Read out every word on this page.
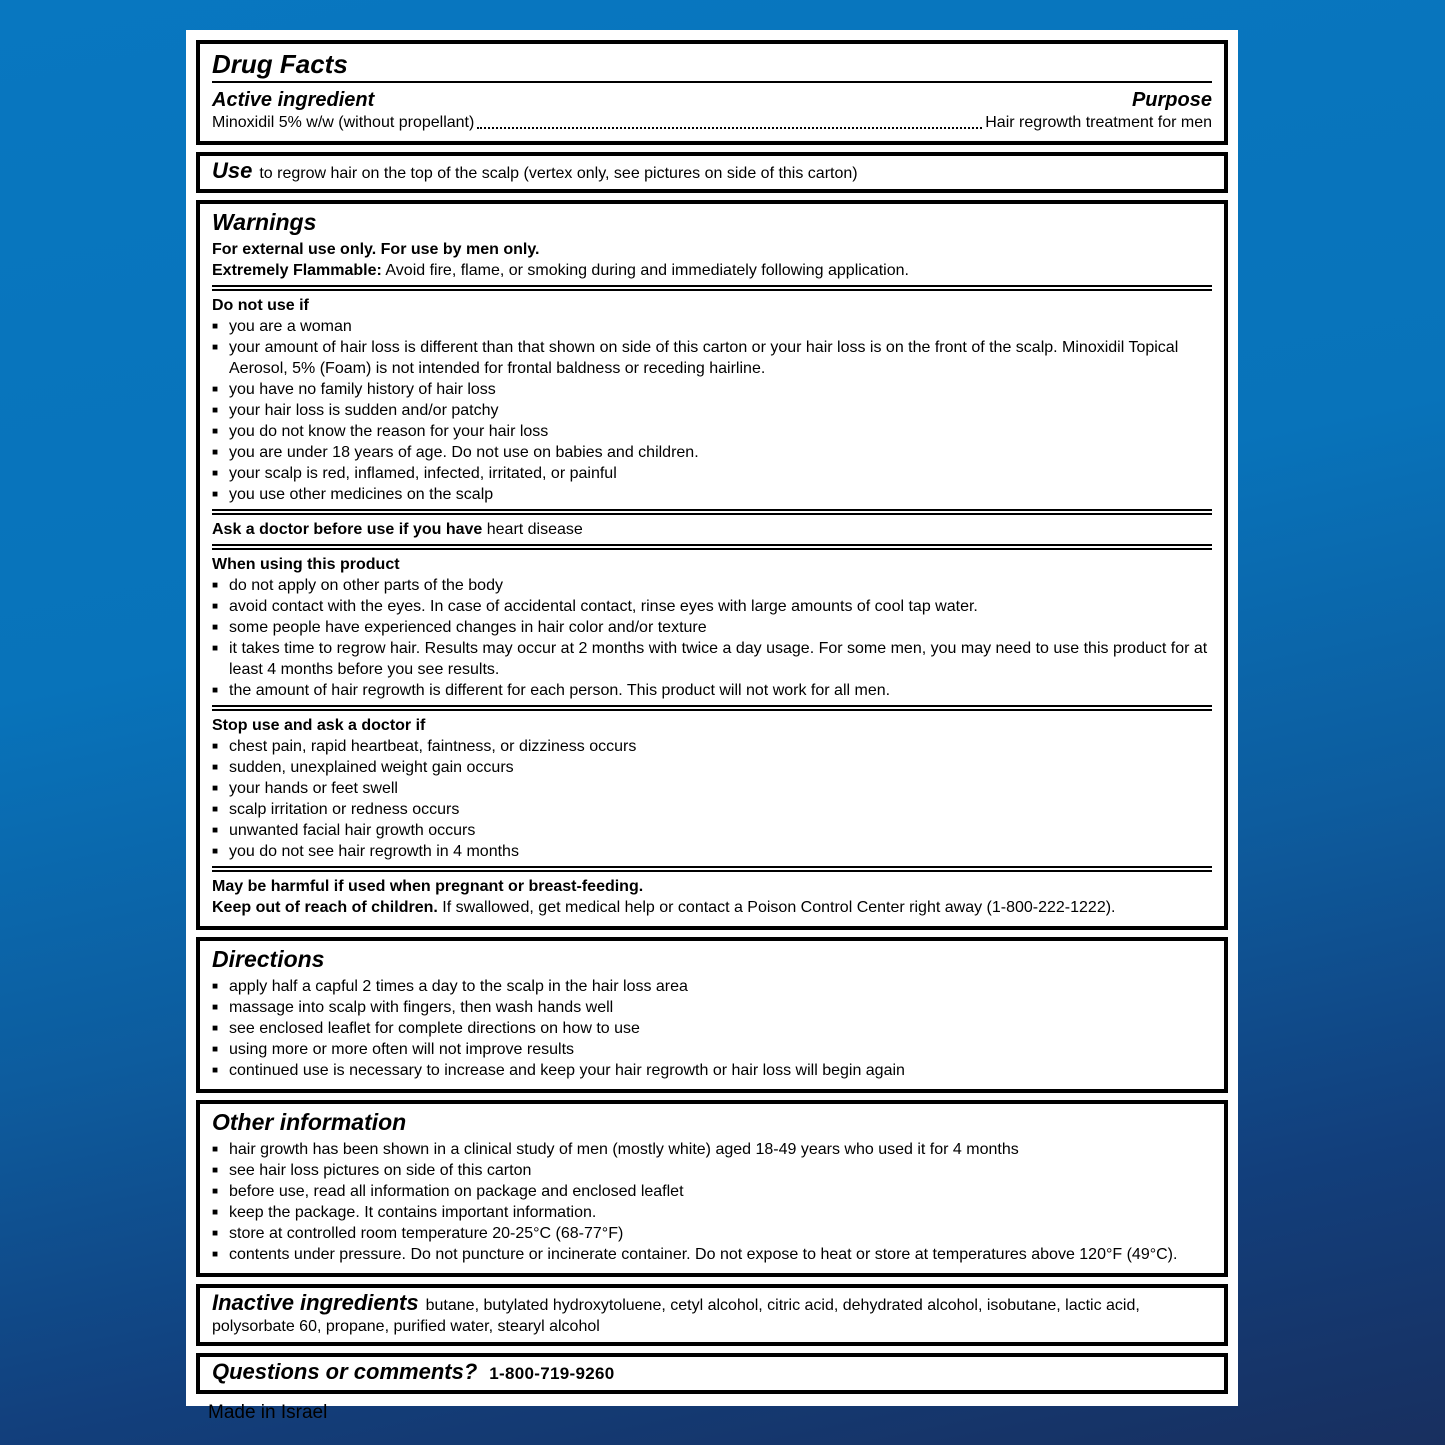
Drug Facts

Active ingredient	Purpose

Minoxidil 5% w/w (without propellant)	Hair regrowth treatment for men

Use to regrow hair on the top of the scalp (vertex only, see pictures on side of this carton)

Warnings

For external use only. For use by men only.

Extremely Flammable: Avoid fire, flame, or smoking during and immediately following application.

Do not use if

■ you are a woman
■ your amount of hair loss is different than that shown on side of this carton or your hair loss is on the front of the scalp. Minoxidil Topical Aerosol, 5% (Foam) is not intended for frontal baldness or receding hairline.
■ you have no family history of hair loss
■ your hair loss is sudden and/or patchy
■ you do not know the reason for your hair loss
■ you are under 18 years of age. Do not use on babies and children.
■ your scalp is red, inflamed, infected, irritated, or painful
■ you use other medicines on the scalp

Ask a doctor before use if you have heart disease

When using this product

■ do not apply on other parts of the body
■ avoid contact with the eyes. In case of accidental contact, rinse eyes with large amounts of cool tap water.
■ some people have experienced changes in hair color and/or texture
■ it takes time to regrow hair. Results may occur at 2 months with twice a day usage. For some men, you may need to use this product for at least 4 months before you see results.
■ the amount of hair regrowth is different for each person. This product will not work for all men.

Stop use and ask a doctor if

■ chest pain, rapid heartbeat, faintness, or dizziness occurs
■ sudden, unexplained weight gain occurs
■ your hands or feet swell
■ scalp irritation or redness occurs
■ unwanted facial hair growth occurs
■ you do not see hair regrowth in 4 months

May be harmful if used when pregnant or breast-feeding.

Keep out of reach of children. If swallowed, get medical help or contact a Poison Control Center right away (1-800-222-1222).

Directions
■ apply half a capful 2 times a day to the scalp in the hair loss area
■ massage into scalp with fingers, then wash hands well
■ see enclosed leaflet for complete directions on how to use
■ using more or more often will not improve results
■ continued use is necessary to increase and keep your hair regrowth or hair loss will begin again
Other information
■ hair growth has been shown in a clinical study of men (mostly white) aged 18-49 years who used it for 4 months
■ see hair loss pictures on side of this carton
■ before use, read all information on package and enclosed leaflet
■ keep the package. It contains important information.
■ store at controlled room temperature 20-25°C (68-77°F)
■ contents under pressure. Do not puncture or incinerate container. Do not expose to heat or store at temperatures above 120°F (49°C).

Inactive ingredients butane, butylated hydroxytoluene, cetyl alcohol, citric acid, dehydrated alcohol, isobutane, lactic acid, polysorbate 60, propane, purified water, stearyl alcohol

Questions or comments? 1-800-719-9260

Made in Israel
